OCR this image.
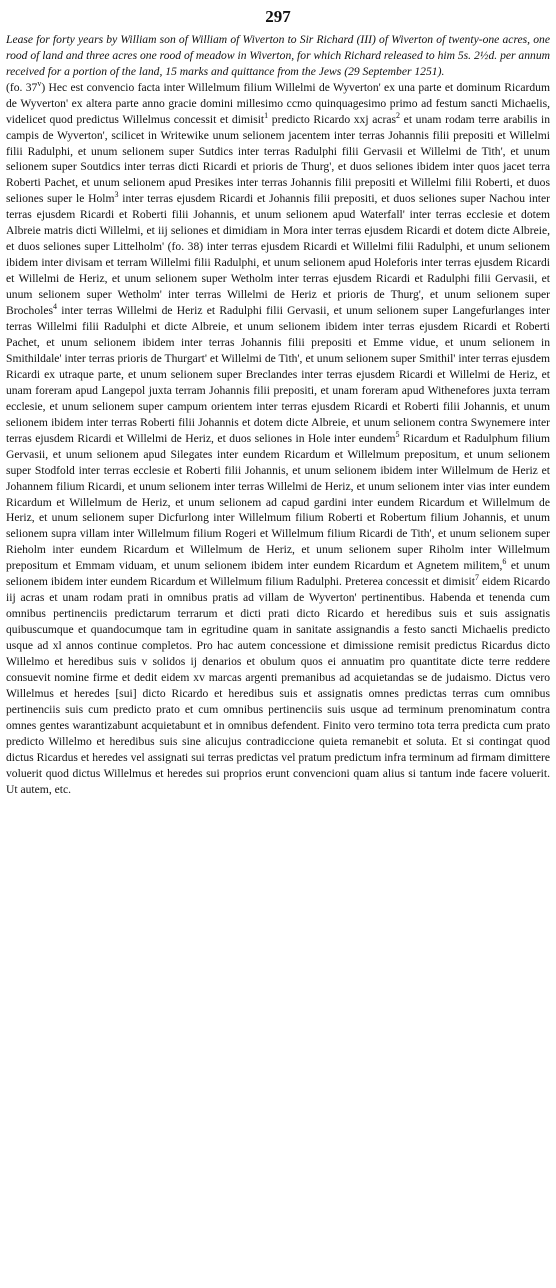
297

Lease for forty years by William son of William of Wiverton to Sir Richard (III) of Wiverton of twenty-one acres, one rood of land and three acres one rood of meadow in Wiverton, for which Richard released to him 5s. 2½d. per annum received for a portion of the land, 15 marks and quittance from the Jews (29 September 1251).

(fo. 37$^v$) Hec est convencio facta inter Willelmum filium Willelmi de Wyverton' ex una parte et dominum Ricardum de Wyverton' ex altera parte anno gracie domini millesimo ccmo quinquagesimo primo ad festum sancti Michaelis, videlicet quod predictus Willelmus concessit et dimisit$^1$ predicto Ricardo xxj acras$^2$ et unam rodam terre arabilis in campis de Wyverton', scilicet in Writewike unum selionem jacentem inter terras Johannis filii prepositi et Willelmi filii Radulphi, et unum selionem super Sutdics inter terras Radulphi filii Gervasii et Willelmi de Tith', et unum selionem super Soutdics inter terras dicti Ricardi et prioris de Thurg', et duos seliones ibidem inter quos jacet terra Roberti Pachet, et unum selionem apud Presikes inter terras Johannis filii prepositi et Willelmi filii Roberti, et duos seliones super le Holm$^3$ inter terras ejusdem Ricardi et Johannis filii prepositi, et duos seliones super Nachou inter terras ejusdem Ricardi et Roberti filii Johannis, et unum selionem apud Waterfall' inter terras ecclesie et dotem Albreie matris dicti Willelmi, et iij seliones et dimidiam in Mora inter terras ejusdem Ricardi et dotem dicte Albreie, et duos seliones super Littelholm' (fo. 38) inter terras ejusdem Ricardi et Willelmi filii Radulphi, et unum selionem ibidem inter divisam et terram Willelmi filii Radulphi, et unum selionem apud Holeforis inter terras ejusdem Ricardi et Willelmi de Heriz, et unum selionem super Wetholm inter terras ejusdem Ricardi et Radulphi filii Gervasii, et unum selionem super Wetholm' inter terras Willelmi de Heriz et prioris de Thurg', et unum selionem super Brocholes$^4$ inter terras Willelmi de Heriz et Radulphi filii Gervasii, et unum selionem super Langefurlanges inter terras Willelmi filii Radulphi et dicte Albreie, et unum selionem ibidem inter terras ejusdem Ricardi et Roberti Pachet, et unum selionem ibidem inter terras Johannis filii prepositi et Emme vidue, et unum selionem in Smithildale' inter terras prioris de Thurgart' et Willelmi de Tith', et unum selionem super Smithil' inter terras ejusdem Ricardi ex utraque parte, et unum selionem super Breclandes inter terras ejusdem Ricardi et Willelmi de Heriz, et unam foreram apud Langepol juxta terram Johannis filii prepositi, et unam foreram apud Withenefores juxta terram ecclesie, et unum selionem super campum orientem inter terras ejusdem Ricardi et Roberti filii Johannis, et unum selionem ibidem inter terras Roberti filii Johannis et dotem dicte Albreie, et unum selionem contra Swynemere inter terras ejusdem Ricardi et Willelmi de Heriz, et duos seliones in Hole inter eundem$^5$ Ricardum et Radulphum filium Gervasii, et unum selionem apud Silegates inter eundem Ricardum et Willelmum prepositum, et unum selionem super Stodfold inter terras ecclesie et Roberti filii Johannis, et unum selionem ibidem inter Willelmum de Heriz et Johannem filium Ricardi, et unum selionem inter terras Willelmi de Heriz, et unum selionem inter vias inter eundem Ricardum et Willelmum de Heriz, et unum selionem ad capud gardini inter eundem Ricardum et Willelmum de Heriz, et unum selionem super Dicfurlong inter Willelmum filium Roberti et Robertum filium Johannis, et unum selionem supra villam inter Willelmum filium Rogeri et Willelmum filium Ricardi de Tith', et unum selionem super Rieholm inter eundem Ricardum et Willelmum de Heriz, et unum selionem super Riholm inter Willelmum prepositum et Emmam viduam, et unum selionem ibidem inter eundem Ricardum et Agnetem militem,$^6$ et unum selionem ibidem inter eundem Ricardum et Willelmum filium Radulphi. Preterea concessit et dimisit$^7$ eidem Ricardo iij acras et unam rodam prati in omnibus pratis ad villam de Wyverton' pertinentibus. Habenda et tenenda cum omnibus pertinenciis predictarum terrarum et dicti prati dicto Ricardo et heredibus suis et suis assignatis quibuscumque et quandocumque tam in egritudine quam in sanitate assignandis a festo sancti Michaelis predicto usque ad xl annos continue completos. Pro hac autem concessione et dimissione remisit predictus Ricardus dicto Willelmo et heredibus suis v solidos ij denarios et obulum quos ei annuatim pro quantitate dicte terre reddere consuevit nomine firme et dedit eidem xv marcas argenti premanibus ad acquietandas se de judaismo. Dictus vero Willelmus et heredes [sui] dicto Ricardo et heredibus suis et assignatis omnes predictas terras cum omnibus pertinenciis suis cum predicto prato et cum omnibus pertinenciis suis usque ad terminum prenominatum contra omnes gentes warantizabunt acquietabunt et in omnibus defendent. Finito vero termino tota terra predicta cum prato predicto Willelmo et heredibus suis sine alicujus contradiccione quieta remanebit et soluta. Et si contingat quod dictus Ricardus et heredes vel assignati sui terras predictas vel pratum predictum infra terminum ad firmam dimittere voluerit quod dictus Willelmus et heredes sui proprios erunt convencioni quam alius si tantum inde facere voluerit. Ut autem, etc.
